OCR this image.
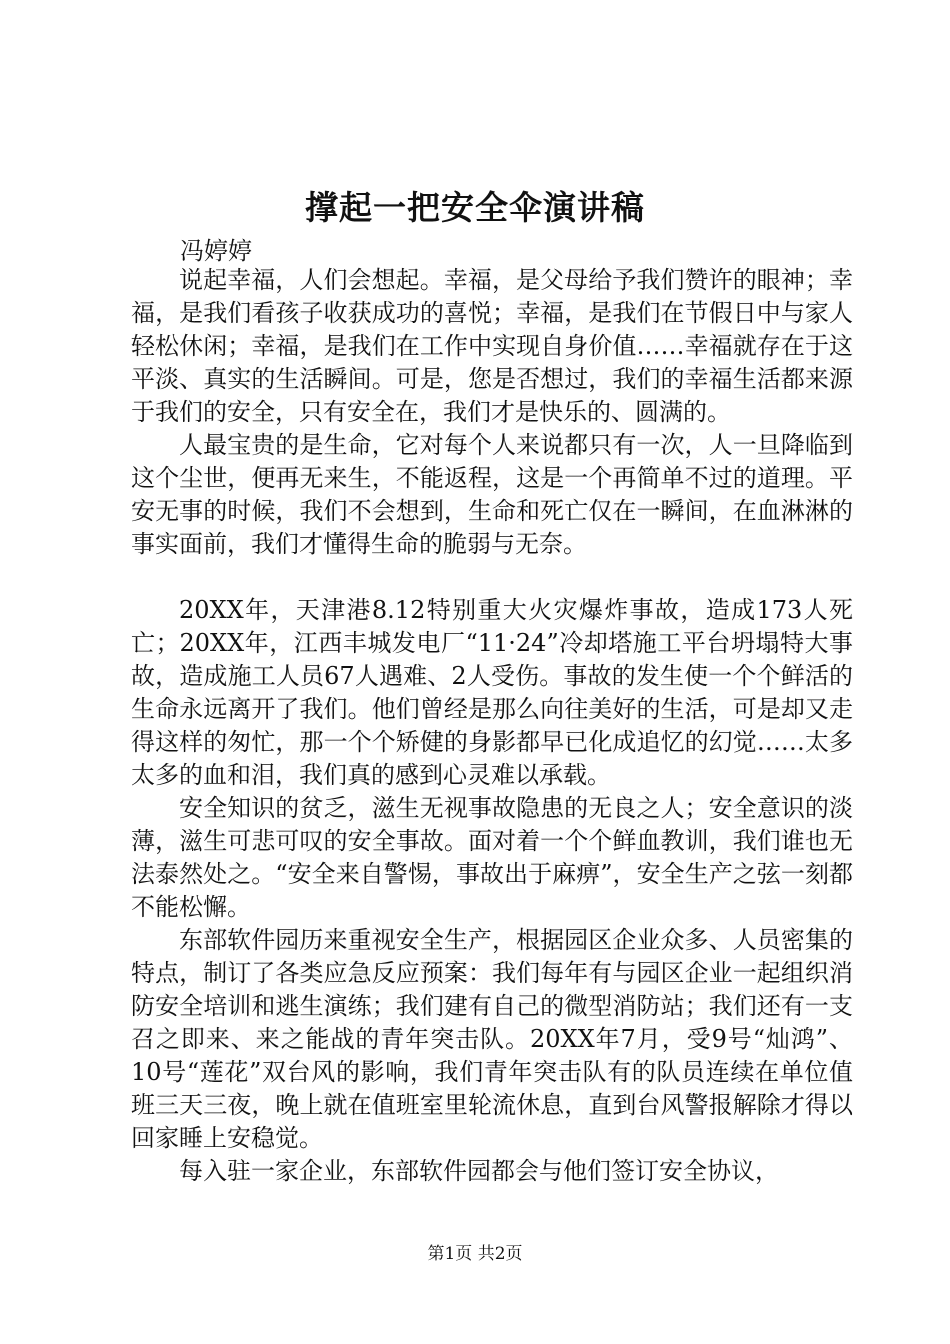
撑起一把安全伞演讲稿
冯婷婷

说起幸福，人们会想起。幸福，是父母给予我们赞许的眼神；幸福，是我们看孩子收获成功的喜悦；幸福，是我们在节假日中与家人轻松休闲；幸福，是我们在工作中实现自身价值……幸福就存在于这平淡、真实的生活瞬间。可是，您是否想过，我们的幸福生活都来源于我们的安全，只有安全在，我们才是快乐的、圆满的。

人最宝贵的是生命，它对每个人来说都只有一次，人一旦降临到这个尘世，便再无来生，不能返程，这是一个再简单不过的道理。平安无事的时候，我们不会想到，生命和死亡仅在一瞬间，在血淋淋的事实面前，我们才懂得生命的脆弱与无奈。

20XX年，天津港8.12特别重大火灾爆炸事故，造成173人死亡；20XX年，江西丰城发电厂“11·24”冷却塔施工平台坍塌特大事故，造成施工人员67人遇难、2人受伤。事故的发生使一个个鲜活的生命永远离开了我们。他们曾经是那么向往美好的生活，可是却又走得这样的匆忙，那一个个矫健的身影都早已化成追忆的幻觉……太多太多的血和泪，我们真的感到心灵难以承载。

安全知识的贫乏，滋生无视事故隐患的无良之人；安全意识的淡薄，滋生可悲可叹的安全事故。面对着一个个鲜血教训，我们谁也无法泰然处之。“安全来自警惕，事故出于麻痹”，安全生产之弦一刻都不能松懈。

东部软件园历来重视安全生产，根据园区企业众多、人员密集的特点，制订了各类应急反应预案：我们每年有与园区企业一起组织消防安全培训和逃生演练；我们建有自己的微型消防站；我们还有一支召之即来、来之能战的青年突击队。20XX年7月，受9号“灿鸿”、10号“莲花”双台风的影响，我们青年突击队有的队员连续在单位值班三天三夜，晚上就在值班室里轮流休息，直到台风警报解除才得以回家睡上安稳觉。

每入驻一家企业，东部软件园都会与他们签订安全协议，

第1页 共2页
